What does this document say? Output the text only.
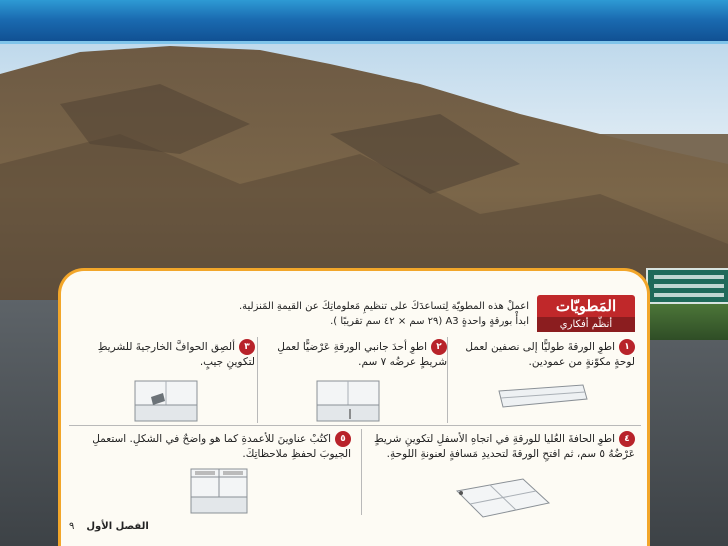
المَطويّات
أنظّم أفكاري
اعملْ هذه المطويّة لِتساعدَكَ على تنظيمِ مَعلوماتِكَ عن القيمةِ المَنزلية.
ابدأْ بورقةٍ واحدةٍ A3 (٢٩ سم × ٤٢ سم تقريبًا ).
١اطوِ الورقةَ طوليًّا إلى نصفين لعمل لوحةٍ مكوّنةٍ من عمودين.
٢اطوِ أحدَ جانبي الورقةِ عَرْضيًّا لعملِ شريطٍ عرضُه ٧ سم.
٣ألصِق الحوافَّ الخارجيةَ للشريطِ لتكوينِ جيبٍ.
٤اطوِ الحافةَ العُليا للورقةِ في اتجاهِ الأسفلِ لتكوينِ شريطٍ عَرْضُهُ ٥ سم، ثم افتحِ الورقةَ لتحديدِ مَسافةٍ لعنونةِ اللوحةِ.
٥اكتُبْ عناوينَ للأعمدةِ كما هو واضحٌ في الشكلِ. استعملِ الجيوبَ لحفظِ ملاحظاتِكَ.
الفصل الأول
٩
